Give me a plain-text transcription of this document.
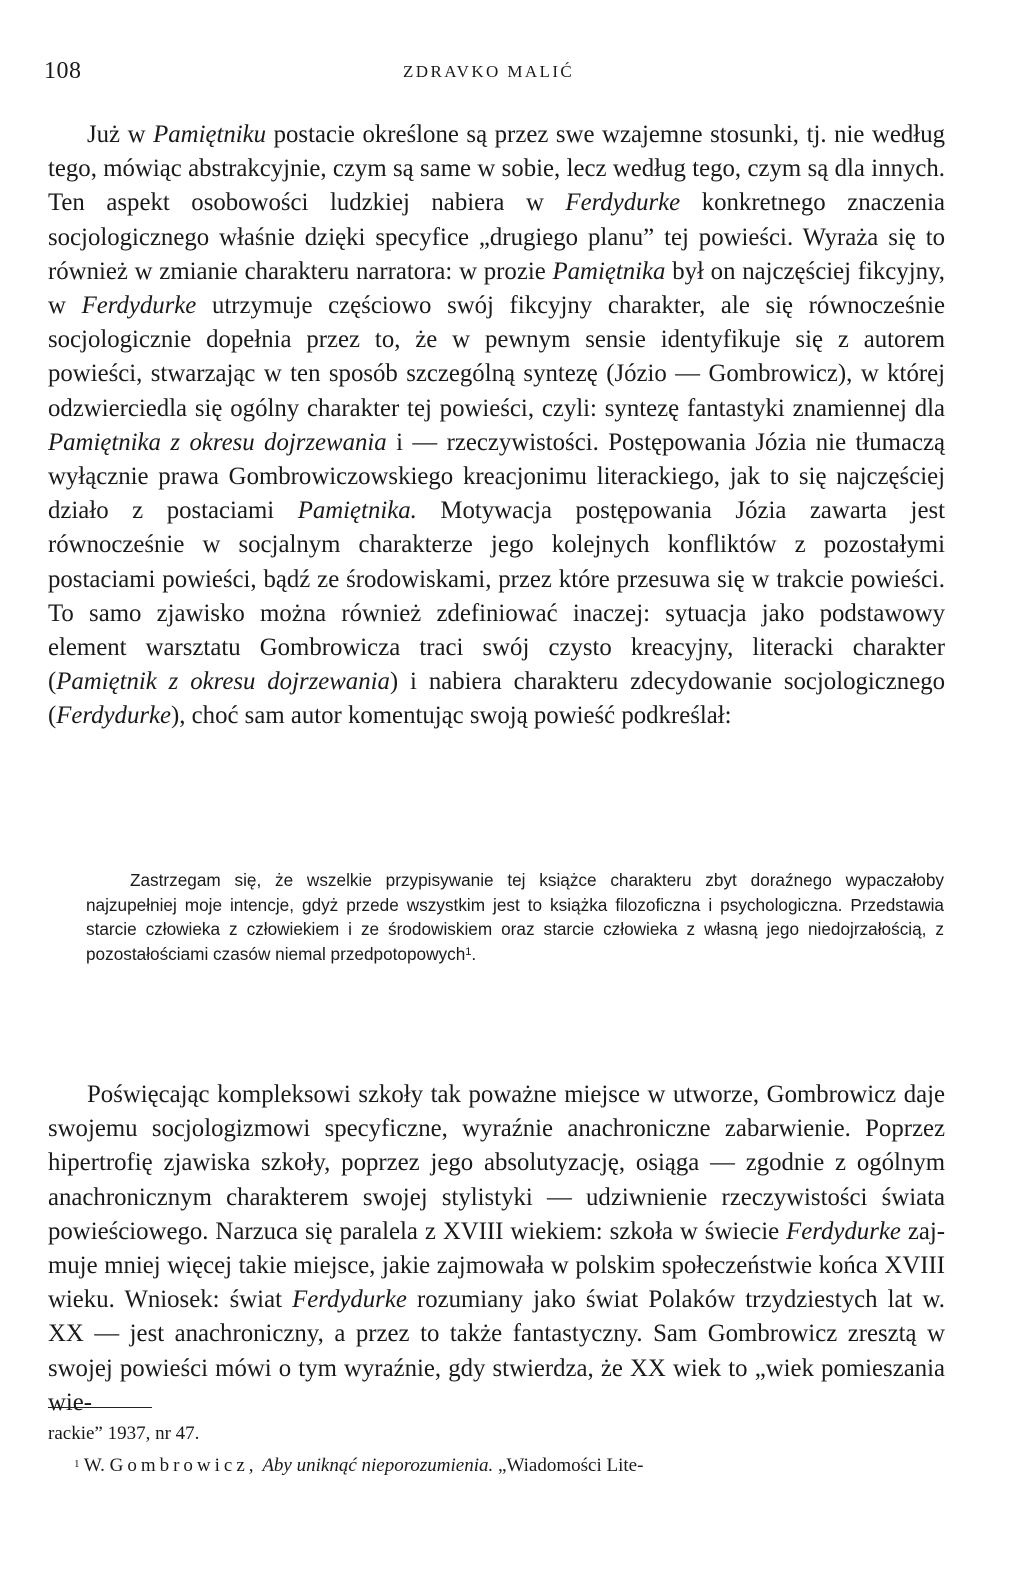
108	ZDRAVKO MALIĆ

Już w Pamiętniku postacie określone są przez swe wzajemne stosunki, tj. nie według tego, mówiąc abstrakcyjnie, czym są same w sobie, lecz według tego, czym są dla innych. Ten aspekt osobowości ludzkiej nabiera w Ferdydurke konkretnego znaczenia socjologicznego właśnie dzięki specyfice „drugiego planu” tej powieści. Wyraża się to również w zmianie charakteru narratora: w prozie Pamiętnika był on najczęściej fikcyjny, w Ferdydurke utrzymuje częściowo swój fikcyjny charakter, ale się równocześnie socjologicznie dopełnia przez to, że w pewnym sensie identyfikuje się z autorem powieści, stwarzając w ten sposób szczególną syntezę (Józio — Gombrowicz), w której odzwierciedla się ogólny charakter tej powieści, czyli: syntezę fantastyki znamiennej dla Pamiętnika z okresu dojrzewania i — rzeczywistości. Postępowania Józia nie tłumaczą wyłącznie prawa Gombrowiczowskiego kreacjonimu literackiego, jak to się najczęściej działo z postaciami Pamiętnika. Motywacja postępowania Józia zawarta jest równocześnie w socjalnym charakterze jego kolejnych konfliktów z pozostałymi postaciami powieści, bądź ze środowiskami, przez które przesuwa się w trakcie powieści. To samo zjawisko można również zdefiniować inaczej: sytuacja jako podstawowy element warsztatu Gombrowicza traci swój czysto kreacyjny, literacki charakter (Pamiętnik z okresu dojrzewania) i nabiera charakteru zdecydowanie socjologicznego (Ferdydurke), choć sam autor komentując swoją powieść podkreślał:

Zastrzegam się, że wszelkie przypisywanie tej książce charakteru zbyt doraźnego wypaczałoby najzupełniej moje intencje, gdyż przede wszystkim jest to książka filozoficzna i psychologiczna. Przedstawia starcie człowieka z człowiekiem i ze środowiskiem oraz starcie człowieka z własną jego niedojrzałością, z pozostałościami czasów niemal przedpotopowych$^1$.

Poświęcając kompleksowi szkoły tak poważne miejsce w utworze, Gombrowicz daje swojemu socjologizmowi specyficzne, wyraźnie anachroniczne zabarwienie. Poprzez hipertrofię zjawiska szkoły, poprzez jego absolutyzację, osiąga — zgodnie z ogólnym anachronicznym charakterem swojej stylistyki — udziwnienie rzeczywistości świata powieściowego. Narzuca się paralela z XVIII wiekiem: szkoła w świecie Ferdydurke zajmuje mniej więcej takie miejsce, jakie zajmowała w polskim społeczeństwie końca XVIII wieku. Wniosek: świat Ferdydurke rozumiany jako świat Polaków trzydziestych lat w. XX — jest anachroniczny, a przez to także fantastyczny. Sam Gombrowicz zresztą w swojej powieści mówi o tym wyraźnie, gdy stwierdza, że XX wiek to „wiek pomieszania wie-

rackie” 1937, nr 47.

$^1$ W. Gombrowicz, Aby uniknąć nieporozumienia. „Wiadomości Lite-
